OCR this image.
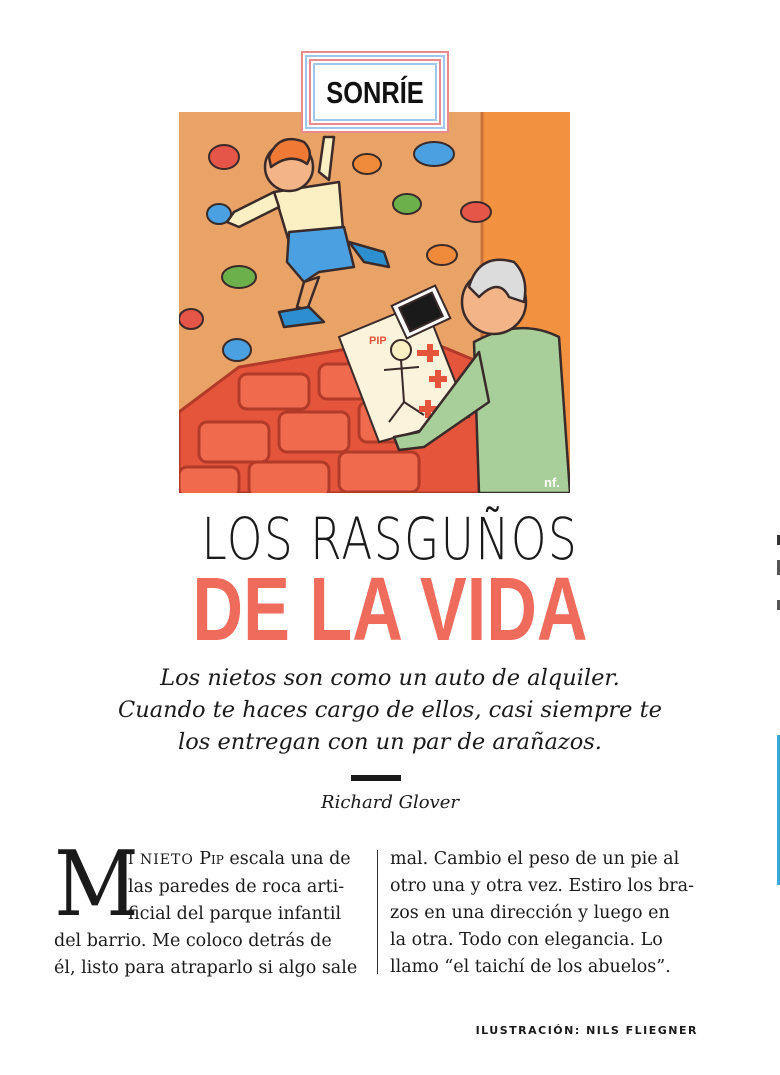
PIP
nf.
SONRÍE
LOS RASGUÑOS
DE LA VIDA
Los nietos son como un auto de alquiler.
Cuando te haces cargo de ellos, casi siempre te
los entregan con un par de arañazos.
Richard Glover
M
I NIETO Pip escala una de
las paredes de roca arti-
ficial del parque infantil
del barrio. Me coloco detrás de
él, listo para atraparlo si algo sale
mal. Cambio el peso de un pie al
otro una y otra vez. Estiro los bra-
zos en una dirección y luego en
la otra. Todo con elegancia. Lo
llamo “el taichí de los abuelos”.
ILUSTRACIÓN: NILS FLIEGNER
